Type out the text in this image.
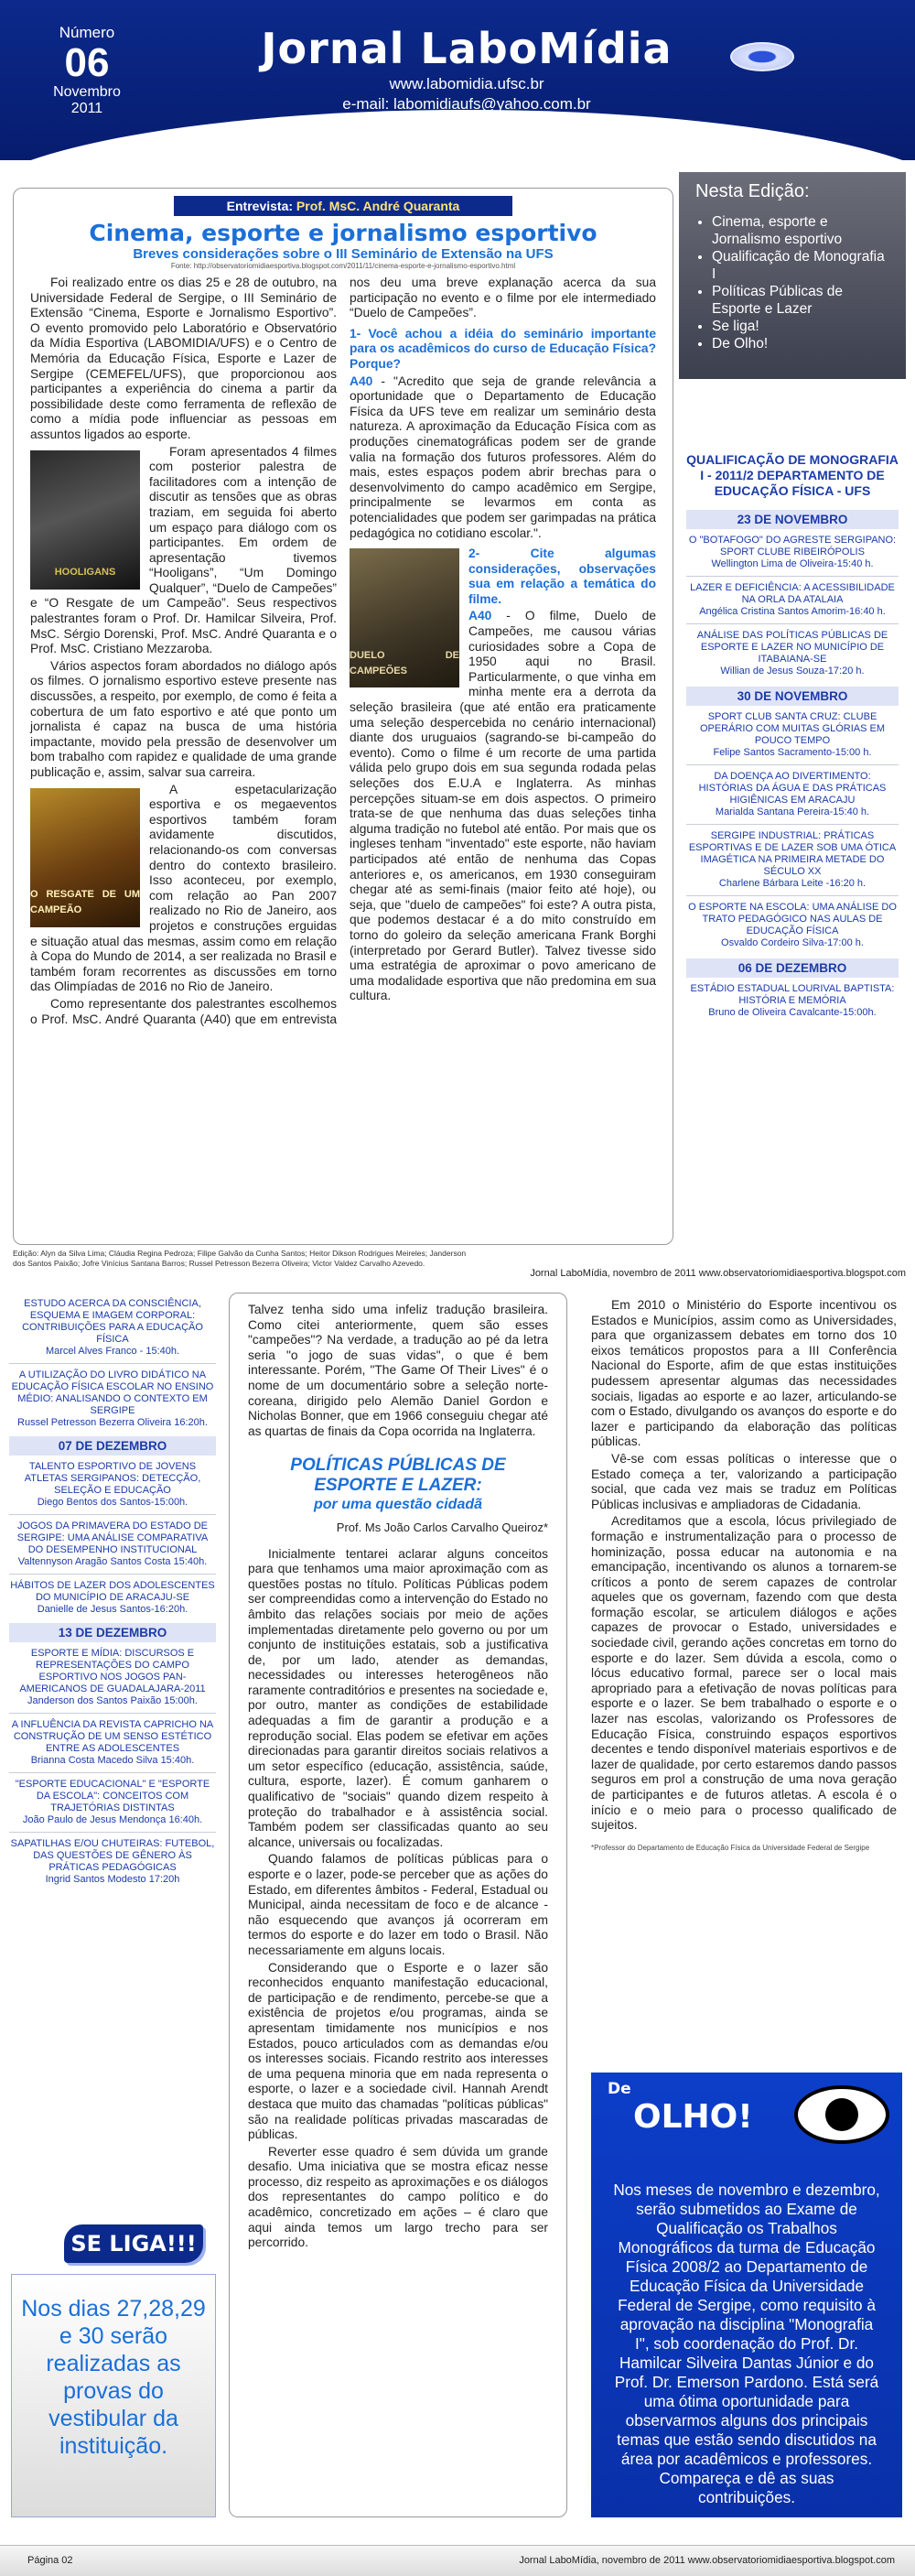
Número
06
Novembro
2011
Jornal LaboMídia
www.labomidia.ufsc.br
e-mail: labomidiaufs@yahoo.com.br
Entrevista: Prof. MsC. André Quaranta
Cinema, esporte e jornalismo esportivo
Breves considerações sobre o III Seminário de Extensão na UFS
Fonte: http://observatoriomidiaesportiva.blogspot.com/2011/11/cinema-esporte-e-jornalismo-esportivo.html

Foi realizado entre os dias 25 e 28 de outubro, na Universidade Federal de Sergipe, o III Seminário de Extensão “Cinema, Esporte e Jornalismo Esportivo”. O evento promovido pelo Laboratório e Observatório da Mídia Esportiva (LABOMIDIA/UFS) e o Centro de Memória da Educação Física, Esporte e Lazer de Sergipe (CEMEFEL/UFS), que proporcionou aos participantes a experiência do cinema a partir da possibilidade deste como ferramenta de reflexão de como a mídia pode influenciar as pessoas em assuntos ligados ao esporte.

HOOLIGANS

Foram apresentados 4 filmes com posterior palestra de facilitadores com a intenção de discutir as tensões que as obras traziam, em seguida foi aberto um espaço para diálogo com os participantes. Em ordem de apresentação tivemos “Hooligans”, “Um Domingo Qualquer”, “Duelo de Campeões” e “O Resgate de um Campeão”. Seus respectivos palestrantes foram o Prof. Dr. Hamilcar Silveira, Prof. MsC. Sérgio Dorenski, Prof. MsC. André Quaranta e o Prof. MsC. Cristiano Mezzaroba.

Vários aspectos foram abordados no diálogo após os filmes. O jornalismo esportivo esteve presente nas discussões, a respeito, por exemplo, de como é feita a cobertura de um fato esportivo e até que ponto um jornalista é capaz na busca de uma história impactante, movido pela pressão de desenvolver um bom trabalho com rapidez e qualidade de uma grande publicação e, assim, salvar sua carreira.

O RESGATE DE UM CAMPEÃO

A espetacularização esportiva e os megaeventos esportivos também foram avidamente discutidos, relacionando-os com conversas dentro do contexto brasileiro. Isso aconteceu, por exemplo, com relação ao Pan 2007 realizado no Rio de Janeiro, aos projetos e construções erguidas e situação atual das mesmas, assim como em relação à Copa do Mundo de 2014, a ser realizada no Brasil e também foram recorrentes as discussões em torno das Olimpíadas de 2016 no Rio de Janeiro.

Como representante dos palestrantes escolhemos o Prof. MsC. André Quaranta (A40) que em entrevista nos deu uma breve explanação acerca da sua participação no evento e o filme por ele intermediado “Duelo de Campeões”.

1- Você achou a idéia do seminário importante para os acadêmicos do curso de Educação Física?Porque?

A40 - "Acredito que seja de grande relevância a oportunidade que o Departamento de Educação Física da UFS teve em realizar um seminário desta natureza. A aproximação da Educação Física com as produções cinematográficas podem ser de grande valia na formação dos futuros professores. Além do mais, estes espaços podem abrir brechas para o desenvolvimento do campo acadêmico em Sergipe, principalmente se levarmos em conta as potencialidades que podem ser garimpadas na prática pedagógica no cotidiano escolar.".

DUELO DE CAMPEÕES

2- Cite algumas considerações, observações sua em relação a temática do filme.

A40 - O filme, Duelo de Campeões, me causou várias curiosidades sobre a Copa de 1950 aqui no Brasil. Particularmente, o que vinha em minha mente era a derrota da seleção brasileira (que até então era praticamente uma seleção despercebida no cenário internacional) diante dos uruguaios (sagrando-se bi-campeão do evento). Como o filme é um recorte de uma partida válida pelo grupo dois em sua segunda rodada pelas seleções dos E.U.A e Inglaterra. As minhas percepções situam-se em dois aspectos. O primeiro trata-se de que nenhuma das duas seleções tinha alguma tradição no futebol até então. Por mais que os ingleses tenham "inventado" este esporte, não haviam participados até então de nenhuma das Copas anteriores e, os americanos, em 1930 conseguiram chegar até as semi-finais (maior feito até hoje), ou seja, que "duelo de campeões" foi este? A outra pista, que podemos destacar é a do mito construído em torno do goleiro da seleção americana Frank Borghi (interpretado por Gerard Butler). Talvez tivesse sido uma estratégia de aproximar o povo americano de uma modalidade esportiva que não predomina em sua cultura.

Edição: Alyn da Silva Lima; Cláudia Regina Pedroza; Filipe Galvão da Cunha Santos; Heitor Dikson Rodrigues Meireles; Janderson dos Santos Paixão; Jofre Vinícius Santana Barros; Russel Petresson Bezerra Oliveira; Victor Valdez Carvalho Azevedo.
Jornal LaboMídia, novembro de 2011 www.observatoriomidiaesportiva.blogspot.com
Nesta Edição:
• Cinema, esporte e Jornalismo esportivo
• Qualificação de Monografia I
• Políticas Públicas de Esporte e Lazer
• Se liga!
• De Olho!
QUALIFICAÇÃO DE MONOGRAFIA I - 2011/2 DEPARTAMENTO DE EDUCAÇÃO FÍSICA - UFS
23 DE NOVEMBRO
O "BOTAFOGO" DO AGRESTE SERGIPANO: SPORT CLUBE RIBEIRÓPOLIS
Wellington Lima de Oliveira-15:40 h.
LAZER E DEFICIÊNCIA: A ACESSIBILIDADE NA ORLA DA ATALAIA
Angélica Cristina Santos Amorim-16:40 h.
ANÁLISE DAS POLÍTICAS PÚBLICAS DE ESPORTE E LAZER NO MUNICÍPIO DE ITABAIANA-SE
Willian de Jesus Souza-17:20 h.
30 DE NOVEMBRO
SPORT CLUB SANTA CRUZ: CLUBE OPERÁRIO COM MUITAS GLÓRIAS EM POUCO TEMPO
Felipe Santos Sacramento-15:00 h.
DA DOENÇA AO DIVERTIMENTO: HISTÓRIAS DA ÁGUA E DAS PRÁTICAS HIGIÊNICAS EM ARACAJU
Marialda Santana Pereira-15:40 h.
SERGIPE INDUSTRIAL: PRÁTICAS ESPORTIVAS E DE LAZER SOB UMA ÓTICA IMAGÉTICA NA PRIMEIRA METADE DO SÉCULO XX
Charlene Bárbara Leite -16:20 h.
O ESPORTE NA ESCOLA: UMA ANÁLISE DO TRATO PEDAGÓGICO NAS AULAS DE EDUCAÇÃO FÍSICA
Osvaldo Cordeiro Silva-17:00 h.
06 DE DEZEMBRO
ESTÁDIO ESTADUAL LOURIVAL BAPTISTA: HISTÓRIA E MEMÓRIA
Bruno de Oliveira Cavalcante-15:00h.
ESTUDO ACERCA DA CONSCIÊNCIA, ESQUEMA E IMAGEM CORPORAL: CONTRIBUIÇÕES PARA A EDUCAÇÃO FÍSICA
Marcel Alves Franco - 15:40h.
A UTILIZAÇÃO DO LIVRO DIDÁTICO NA EDUCAÇÃO FÍSICA ESCOLAR NO ENSINO MÉDIO: ANALISANDO O CONTEXTO EM SERGIPE
Russel Petresson Bezerra Oliveira 16:20h.
07 DE DEZEMBRO
TALENTO ESPORTIVO DE JOVENS ATLETAS SERGIPANOS: DETECÇÃO, SELEÇÃO E EDUCAÇÃO
Diego Bentos dos Santos-15:00h.
JOGOS DA PRIMAVERA DO ESTADO DE SERGIPE: UMA ANÁLISE COMPARATIVA DO DESEMPENHO INSTITUCIONAL
Valtennyson Aragão Santos Costa 15:40h.
HÁBITOS DE LAZER DOS ADOLESCENTES DO MUNICÍPIO DE ARACAJU-SE
Danielle de Jesus Santos-16:20h.
13 DE DEZEMBRO
ESPORTE E MÍDIA: DISCURSOS E REPRESENTAÇÕES DO CAMPO ESPORTIVO NOS JOGOS PAN-AMERICANOS DE GUADALAJARA-2011
Janderson dos Santos Paixão 15:00h.
A INFLUÊNCIA DA REVISTA CAPRICHO NA CONSTRUÇÃO DE UM SENSO ESTÉTICO ENTRE AS ADOLESCENTES
Brianna Costa Macedo Silva 15:40h.
"ESPORTE EDUCACIONAL" E "ESPORTE DA ESCOLA": CONCEITOS COM TRAJETÓRIAS DISTINTAS
João Paulo de Jesus Mendonça 16:40h.
SAPATILHAS E/OU CHUTEIRAS: FUTEBOL, DAS QUESTÕES DE GÊNERO ÀS PRÁTICAS PEDAGÓGICAS
Ingrid Santos Modesto 17:20h
SE LIGA!!!
Nos dias 27,28,29 e 30 serão realizadas as provas do vestibular da instituição.

Talvez tenha sido uma infeliz tradução brasileira. Como citei anteriormente, quem são esses "campeões"? Na verdade, a tradução ao pé da letra seria "o jogo de suas vidas", o que é bem interessante. Porém, "The Game Of Their Lives" é o nome de um documentário sobre a seleção norte-coreana, dirigido pelo Alemão Daniel Gordon e Nicholas Bonner, que em 1966 conseguiu chegar até as quartas de finais da Copa ocorrida na Inglaterra.

POLÍTICAS PÚBLICAS DE ESPORTE E LAZER:
por uma questão cidadã
Prof. Ms João Carlos Carvalho Queiroz*

Inicialmente tentarei aclarar alguns conceitos para que tenhamos uma maior aproximação com as questões postas no título. Políticas Públicas podem ser compreendidas como a intervenção do Estado no âmbito das relações sociais por meio de ações implementadas diretamente pelo governo ou por um conjunto de instituições estatais, sob a justificativa de, por um lado, atender as demandas, necessidades ou interesses heterogêneos não raramente contraditórios e presentes na sociedade e, por outro, manter as condições de estabilidade adequadas a fim de garantir a produção e a reprodução social. Elas podem se efetivar em ações direcionadas para garantir direitos sociais relativos a um setor específico (educação, assistência, saúde, cultura, esporte, lazer). É comum ganharem o qualificativo de "sociais" quando dizem respeito à proteção do trabalhador e à assistência social. Também podem ser classificadas quanto ao seu alcance, universais ou focalizadas.

Quando falamos de políticas públicas para o esporte e o lazer, pode-se perceber que as ações do Estado, em diferentes âmbitos - Federal, Estadual ou Municipal, ainda necessitam de foco e de alcance - não esquecendo que avanços já ocorreram em termos do esporte e do lazer em todo o Brasil. Não necessariamente em alguns locais.

Considerando que o Esporte e o lazer são reconhecidos enquanto manifestação educacional, de participação e de rendimento, percebe-se que a existência de projetos e/ou programas, ainda se apresentam timidamente nos municípios e nos Estados, pouco articulados com as demandas e/ou os interesses sociais. Ficando restrito aos interesses de uma pequena minoria que em nada representa o esporte, o lazer e a sociedade civil. Hannah Arendt destaca que muito das chamadas "políticas públicas" são na realidade políticas privadas mascaradas de públicas.

Reverter esse quadro é sem dúvida um grande desafio. Uma iniciativa que se mostra eficaz nesse processo, diz respeito as aproximações e os diálogos dos representantes do campo político e do acadêmico, concretizado em ações – é claro que aqui ainda temos um largo trecho para ser percorrido.

Em 2010 o Ministério do Esporte incentivou os Estados e Municípios, assim como as Universidades, para que organizassem debates em torno dos 10 eixos temáticos propostos para a III Conferência Nacional do Esporte, afim de que estas instituições pudessem apresentar algumas das necessidades sociais, ligadas ao esporte e ao lazer, articulando-se com o Estado, divulgando os avanços do esporte e do lazer e participando da elaboração das políticas públicas.

Vê-se com essas políticas o interesse que o Estado começa a ter, valorizando a participação social, que cada vez mais se traduz em Políticas Públicas inclusivas e ampliadoras de Cidadania.

Acreditamos que a escola, lócus privilegiado de formação e instrumentalização para o processo de hominização, possa educar na autonomia e na emancipação, incentivando os alunos a tornarem-se críticos a ponto de serem capazes de controlar aqueles que os governam, fazendo com que desta formação escolar, se articulem diálogos e ações capazes de provocar o Estado, universidades e sociedade civil, gerando ações concretas em torno do esporte e do lazer. Sem dúvida a escola, como o lócus educativo formal, parece ser o local mais apropriado para a efetivação de novas políticas para esporte e o lazer. Se bem trabalhado o esporte e o lazer nas escolas, valorizando os Professores de Educação Física, construindo espaços esportivos decentes e tendo disponível materiais esportivos e de lazer de qualidade, por certo estaremos dando passos seguros em prol a construção de uma nova geração de participantes e de futuros atletas. A escola é o início e o meio para o processo qualificado de sujeitos.

*Professor do Departamento de Educação Física da Universidade Federal de Sergipe

De
OLHO!
Nos meses de novembro e dezembro, serão submetidos ao Exame de Qualificação os Trabalhos Monográficos da turma de Educação Física 2008/2 ao Departamento de Educação Física da Universidade Federal de Sergipe, como requisito à aprovação na disciplina "Monografia I", sob coordenação do Prof. Dr. Hamilcar Silveira Dantas Júnior e do Prof. Dr. Emerson Pardono. Está será uma ótima oportunidade para observarmos alguns dos principais temas que estão sendo discutidos na área por acadêmicos e professores. Compareça e dê as suas contribuições.
Página 02	Jornal LaboMídia, novembro de 2011 www.observatoriomidiaesportiva.blogspot.com
